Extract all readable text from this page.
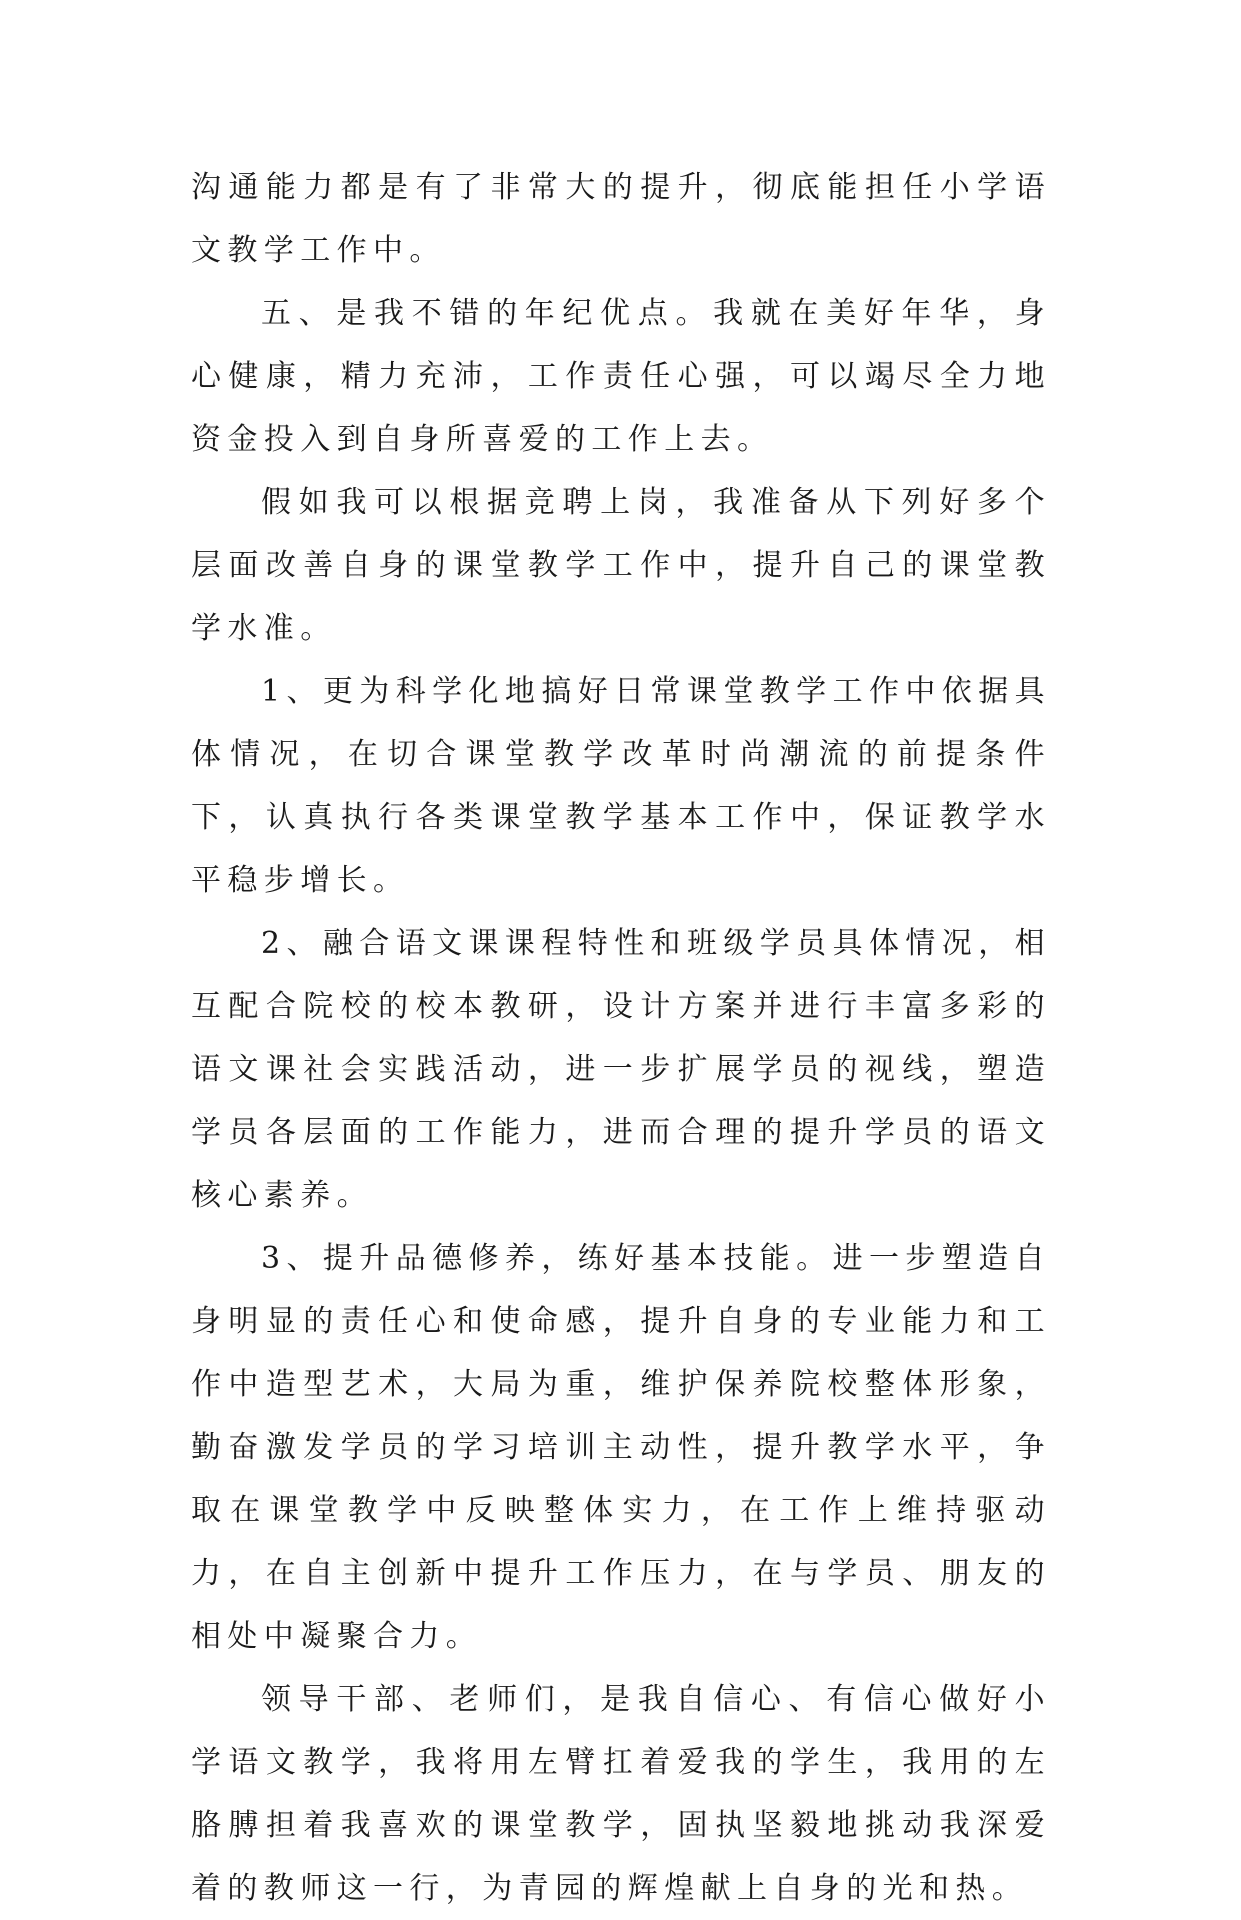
沟通能力都是有了非常大的提升，彻底能担任小学语文教学工作中。

五、是我不错的年纪优点。我就在美好年华，身心健康，精力充沛，工作责任心强，可以竭尽全力地资金投入到自身所喜爱的工作上去。

假如我可以根据竞聘上岗，我准备从下列好多个层面改善自身的课堂教学工作中，提升自己的课堂教学水准。

1、更为科学化地搞好日常课堂教学工作中依据具体情况，在切合课堂教学改革时尚潮流的前提条件下，认真执行各类课堂教学基本工作中，保证教学水平稳步增长。

2、融合语文课课程特性和班级学员具体情况，相互配合院校的校本教研，设计方案并进行丰富多彩的语文课社会实践活动，进一步扩展学员的视线，塑造学员各层面的工作能力，进而合理的提升学员的语文核心素养。

3、提升品德修养，练好基本技能。进一步塑造自身明显的责任心和使命感，提升自身的专业能力和工作中造型艺术，大局为重，维护保养院校整体形象，勤奋激发学员的学习培训主动性，提升教学水平，争取在课堂教学中反映整体实力，在工作上维持驱动力，在自主创新中提升工作压力，在与学员、朋友的相处中凝聚合力。

领导干部、老师们，是我自信心、有信心做好小学语文教学，我将用左臂扛着爱我的学生，我用的左胳膊担着我喜欢的课堂教学，固执坚毅地挑动我深爱着的教师这一行，为青园的辉煌献上自身的光和热。
